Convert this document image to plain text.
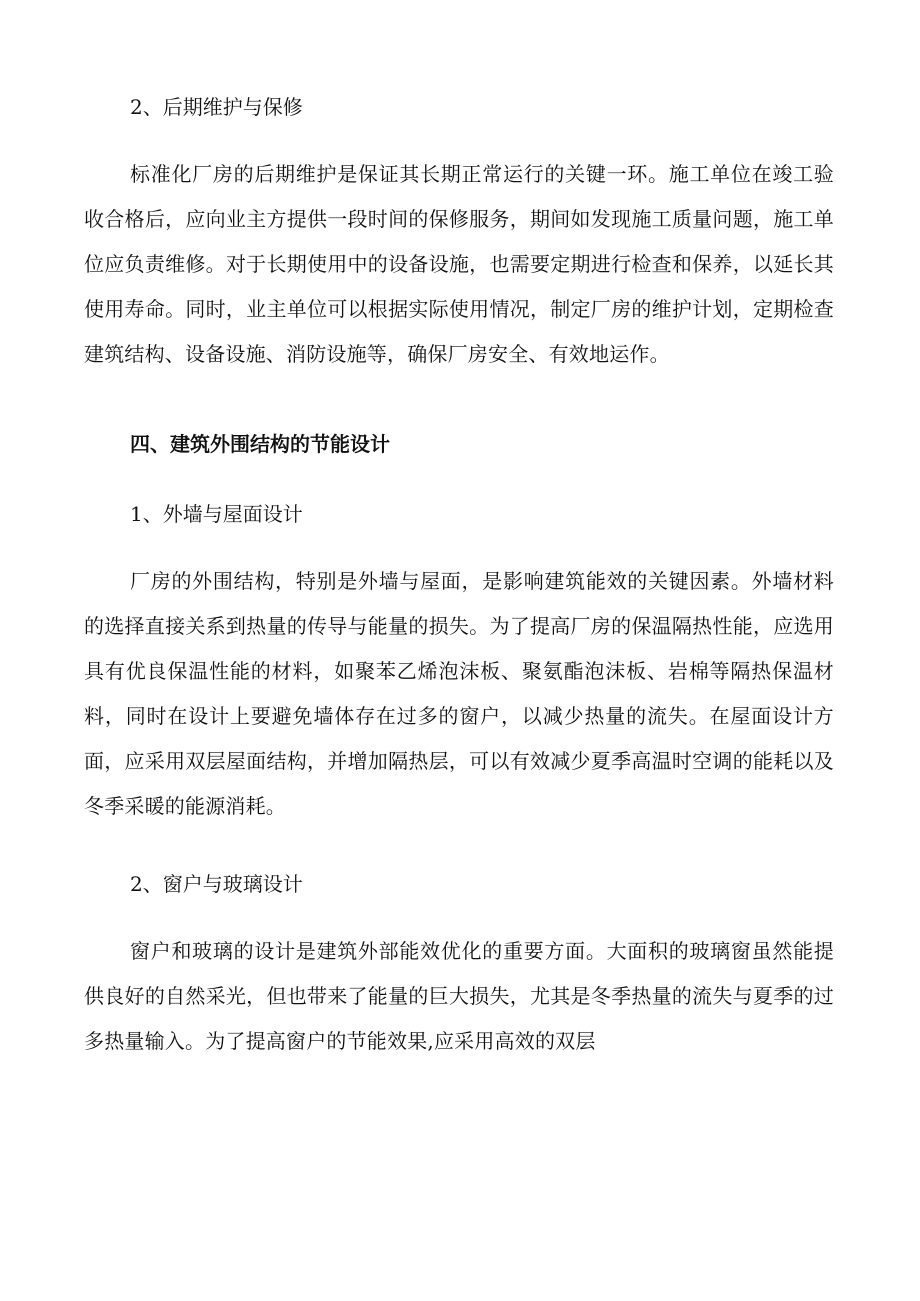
2、后期维护与保修

标准化厂房的后期维护是保证其长期正常运行的关键一环。施工单位在竣工验收合格后，应向业主方提供一段时间的保修服务，期间如发现施工质量问题，施工单位应负责维修。对于长期使用中的设备设施，也需要定期进行检查和保养，以延长其使用寿命。同时，业主单位可以根据实际使用情况，制定厂房的维护计划，定期检查建筑结构、设备设施、消防设施等，确保厂房安全、有效地运作。

四、建筑外围结构的节能设计
1、外墙与屋面设计

厂房的外围结构，特别是外墙与屋面，是影响建筑能效的关键因素。外墙材料的选择直接关系到热量的传导与能量的损失。为了提高厂房的保温隔热性能，应选用具有优良保温性能的材料，如聚苯乙烯泡沫板、聚氨酯泡沫板、岩棉等隔热保温材料，同时在设计上要避免墙体存在过多的窗户，以减少热量的流失。在屋面设计方面，应采用双层屋面结构，并增加隔热层，可以有效减少夏季高温时空调的能耗以及冬季采暖的能源消耗。

2、窗户与玻璃设计

窗户和玻璃的设计是建筑外部能效优化的重要方面。大面积的玻璃窗虽然能提供良好的自然采光，但也带来了能量的巨大损失，尤其是冬季热量的流失与夏季的过多热量输入。为了提高窗户的节能效果,应采用高效的双层
